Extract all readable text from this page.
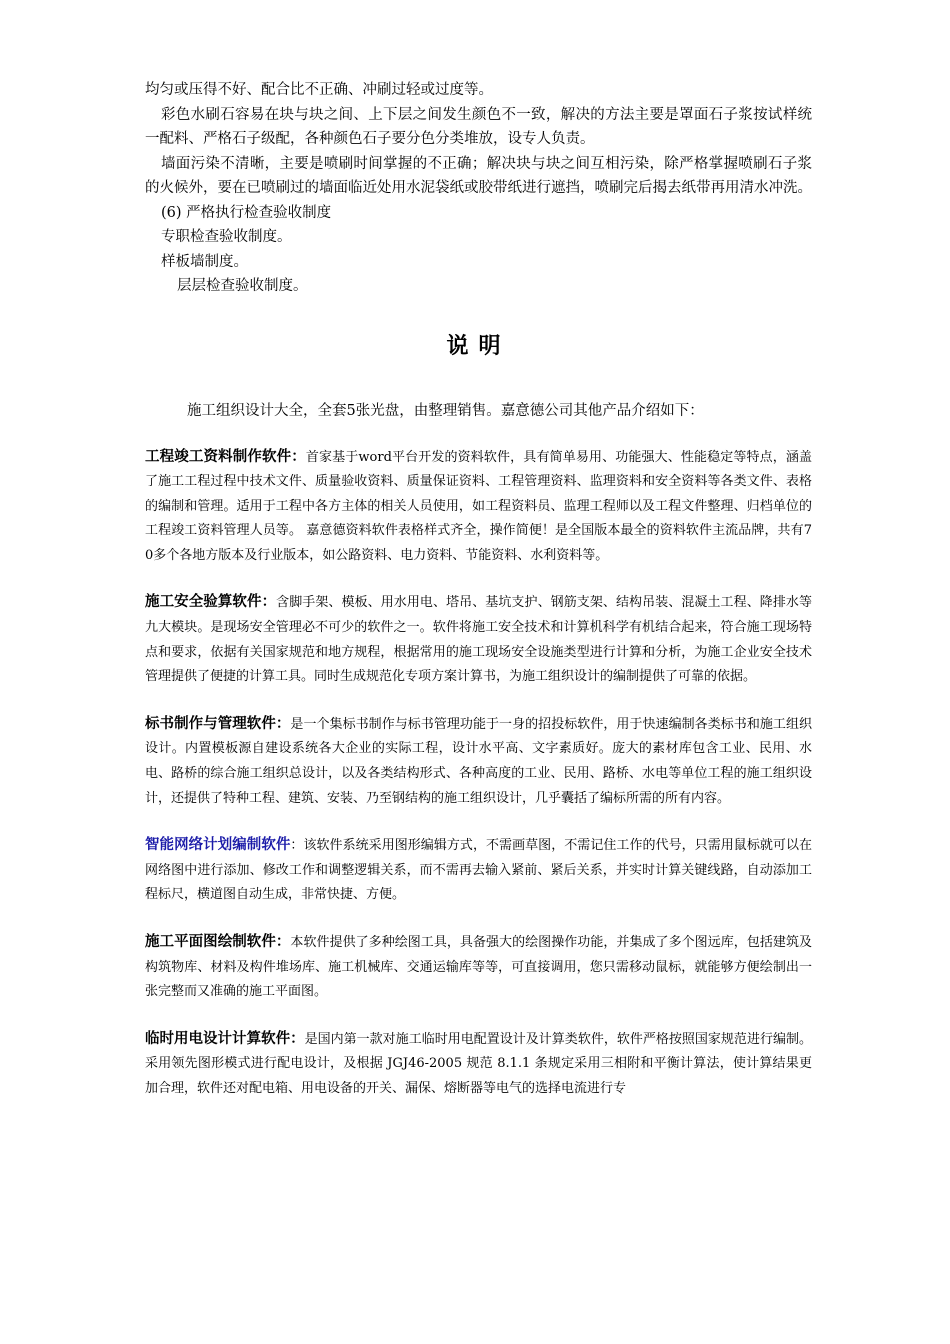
均匀或压得不好、配合比不正确、冲刷过轻或过度等。

彩色水刷石容易在块与块之间、上下层之间发生颜色不一致，解决的方法主要是罩面石子浆按试样统一配料、严格石子级配，各种颜色石子要分色分类堆放，设专人负责。

墙面污染不清晰，主要是喷刷时间掌握的不正确；解决块与块之间互相污染，除严格掌握喷刷石子浆的火候外，要在已喷刷过的墙面临近处用水泥袋纸或胶带纸进行遮挡，喷刷完后揭去纸带再用清水冲洗。

(6) 严格执行检查验收制度

专职检查验收制度。

样板墙制度。

层层检查验收制度。

说明

施工组织设计大全，全套5张光盘，由整理销售。嘉意德公司其他产品介绍如下：

工程竣工资料制作软件：首家基于word平台开发的资料软件，具有简单易用、功能强大、性能稳定等特点，涵盖了施工工程过程中技术文件、质量验收资料、质量保证资料、工程管理资料、监理资料和安全资料等各类文件、表格的编制和管理。适用于工程中各方主体的相关人员使用，如工程资料员、监理工程师以及工程文件整理、归档单位的工程竣工资料管理人员等。 嘉意德资料软件表格样式齐全，操作简便！是全国版本最全的资料软件主流品牌，共有70多个各地方版本及行业版本，如公路资料、电力资料、节能资料、水利资料等。

施工安全验算软件：含脚手架、模板、用水用电、塔吊、基坑支护、钢筋支架、结构吊装、混凝土工程、降排水等九大模块。是现场安全管理必不可少的软件之一。软件将施工安全技术和计算机科学有机结合起来，符合施工现场特点和要求，依据有关国家规范和地方规程，根据常用的施工现场安全设施类型进行计算和分析，为施工企业安全技术管理提供了便捷的计算工具。同时生成规范化专项方案计算书，为施工组织设计的编制提供了可靠的依据。

标书制作与管理软件：是一个集标书制作与标书管理功能于一身的招投标软件，用于快速编制各类标书和施工组织设计。内置模板源自建设系统各大企业的实际工程，设计水平高、文字素质好。庞大的素材库包含工业、民用、水电、路桥的综合施工组织总设计，以及各类结构形式、各种高度的工业、民用、路桥、水电等单位工程的施工组织设计，还提供了特种工程、建筑、安装、乃至钢结构的施工组织设计，几乎囊括了编标所需的所有内容。

智能网络计划编制软件：该软件系统采用图形编辑方式，不需画草图，不需记住工作的代号，只需用鼠标就可以在网络图中进行添加、修改工作和调整逻辑关系，而不需再去输入紧前、紧后关系，并实时计算关键线路，自动添加工程标尺，横道图自动生成，非常快捷、方便。

施工平面图绘制软件：本软件提供了多种绘图工具，具备强大的绘图操作功能，并集成了多个图远库，包括建筑及构筑物库、材料及构件堆场库、施工机械库、交通运输库等等，可直接调用，您只需移动鼠标，就能够方便绘制出一张完整而又准确的施工平面图。

临时用电设计计算软件：是国内第一款对施工临时用电配置设计及计算类软件，软件严格按照国家规范进行编制。采用领先图形模式进行配电设计，及根据 JGJ46-2005 规范 8.1.1 条规定采用三相附和平衡计算法，使计算结果更加合理，软件还对配电箱、用电设备的开关、漏保、熔断器等电气的选择电流进行专
